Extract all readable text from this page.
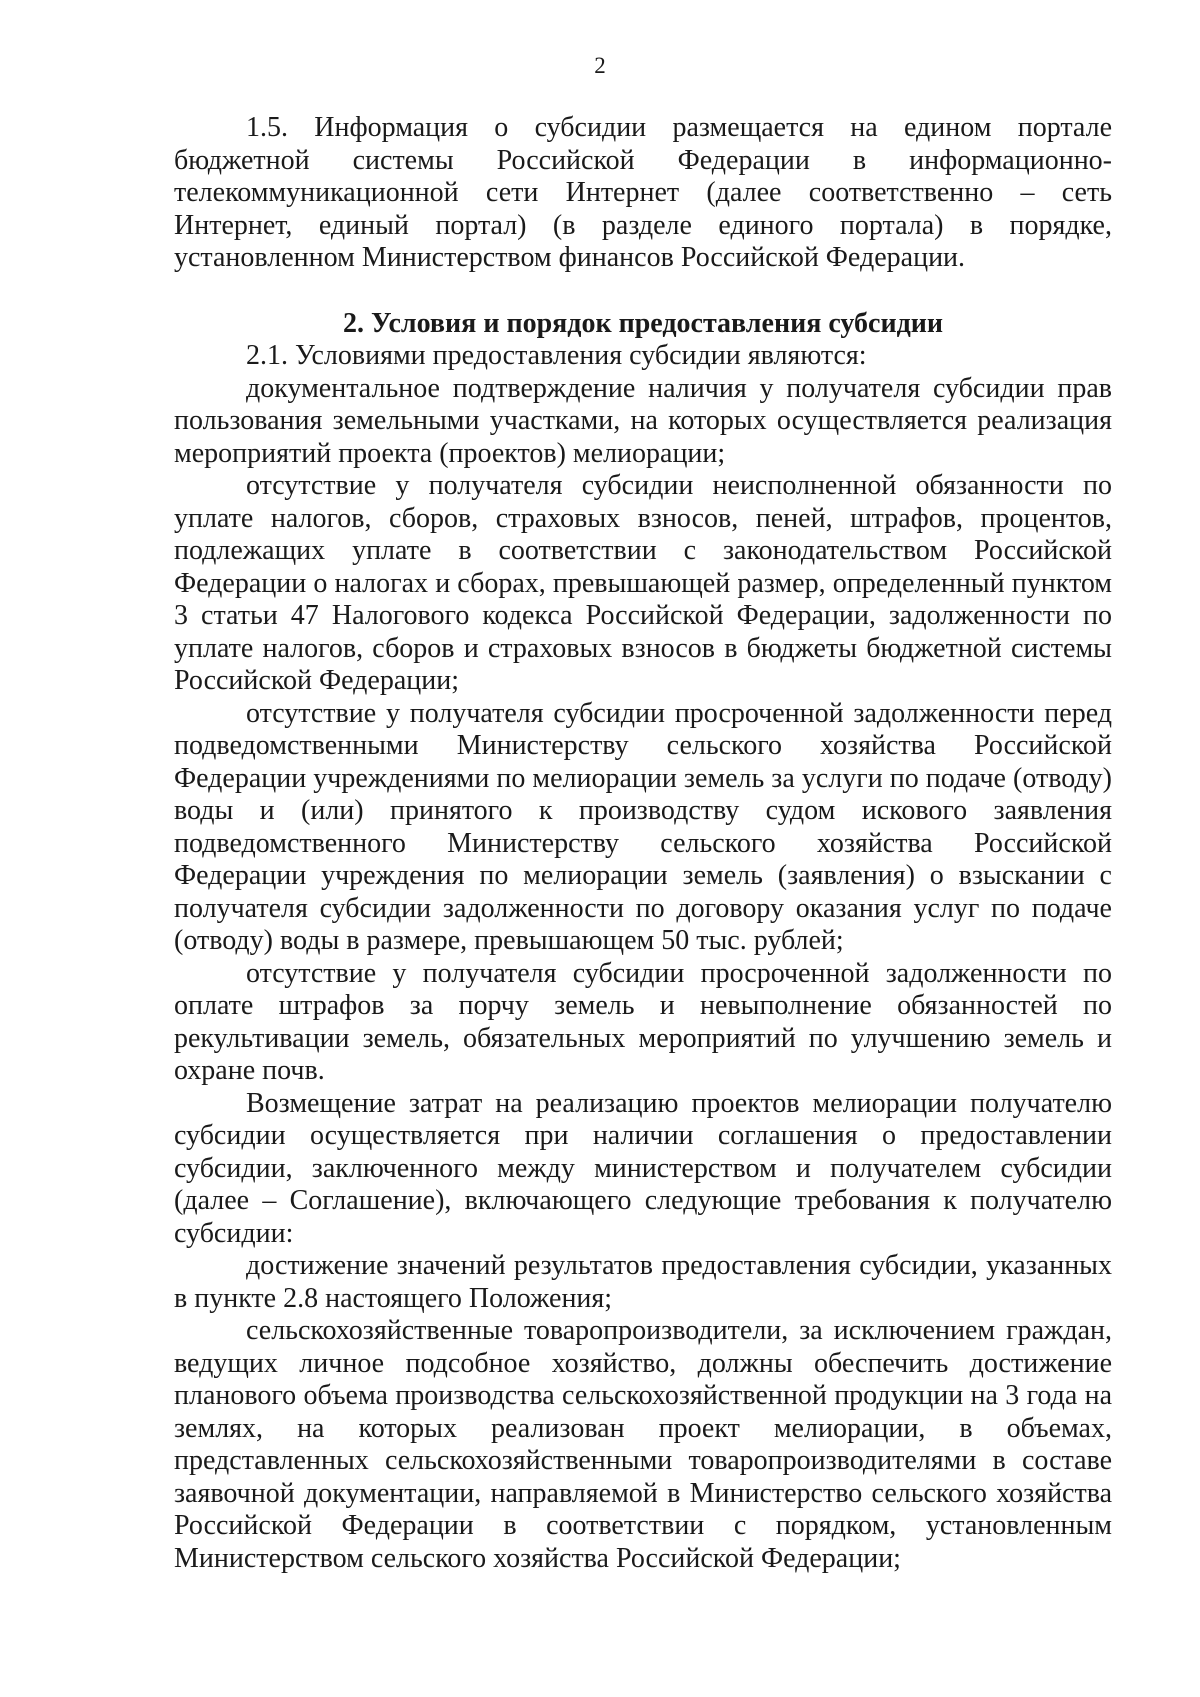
2

1.5. Информация о субсидии размещается на едином портале бюджетной системы Российской Федерации в информационно-телекоммуникационной сети Интернет (далее соответственно – сеть Интернет, единый портал) (в разделе единого портала) в порядке, установленном Министерством финансов Российской Федерации.

2. Условия и порядок предоставления субсидии

2.1. Условиями предоставления субсидии являются:

документальное подтверждение наличия у получателя субсидии прав пользования земельными участками, на которых осуществляется реализация мероприятий проекта (проектов) мелиорации;

отсутствие у получателя субсидии неисполненной обязанности по уплате налогов, сборов, страховых взносов, пеней, штрафов, процентов, подлежащих уплате в соответствии с законодательством Российской Федерации о налогах и сборах, превышающей размер, определенный пунктом 3 статьи 47 Налогового кодекса Российской Федерации, задолженности по уплате налогов, сборов и страховых взносов в бюджеты бюджетной системы Российской Федерации;

отсутствие у получателя субсидии просроченной задолженности перед подведомственными Министерству сельского хозяйства Российской Федерации учреждениями по мелиорации земель за услуги по подаче (отводу) воды и (или) принятого к производству судом искового заявления подведомственного Министерству сельского хозяйства Российской Федерации учреждения по мелиорации земель (заявления) о взыскании с получателя субсидии задолженности по договору оказания услуг по подаче (отводу) воды в размере, превышающем 50 тыс. рублей;

отсутствие у получателя субсидии просроченной задолженности по оплате штрафов за порчу земель и невыполнение обязанностей по рекультивации земель, обязательных мероприятий по улучшению земель и охране почв.

Возмещение затрат на реализацию проектов мелиорации получателю субсидии осуществляется при наличии соглашения о предоставлении субсидии, заключенного между министерством и получателем субсидии (далее – Соглашение), включающего следующие требования к получателю субсидии:

достижение значений результатов предоставления субсидии, указанных в пункте 2.8 настоящего Положения;

сельскохозяйственные товаропроизводители, за исключением граждан, ведущих личное подсобное хозяйство, должны обеспечить достижение планового объема производства сельскохозяйственной продукции на 3 года на землях, на которых реализован проект мелиорации, в объемах, представленных сельскохозяйственными товаропроизводителями в составе заявочной документации, направляемой в Министерство сельского хозяйства Российской Федерации в соответствии с порядком, установленным Министерством сельского хозяйства Российской Федерации;
